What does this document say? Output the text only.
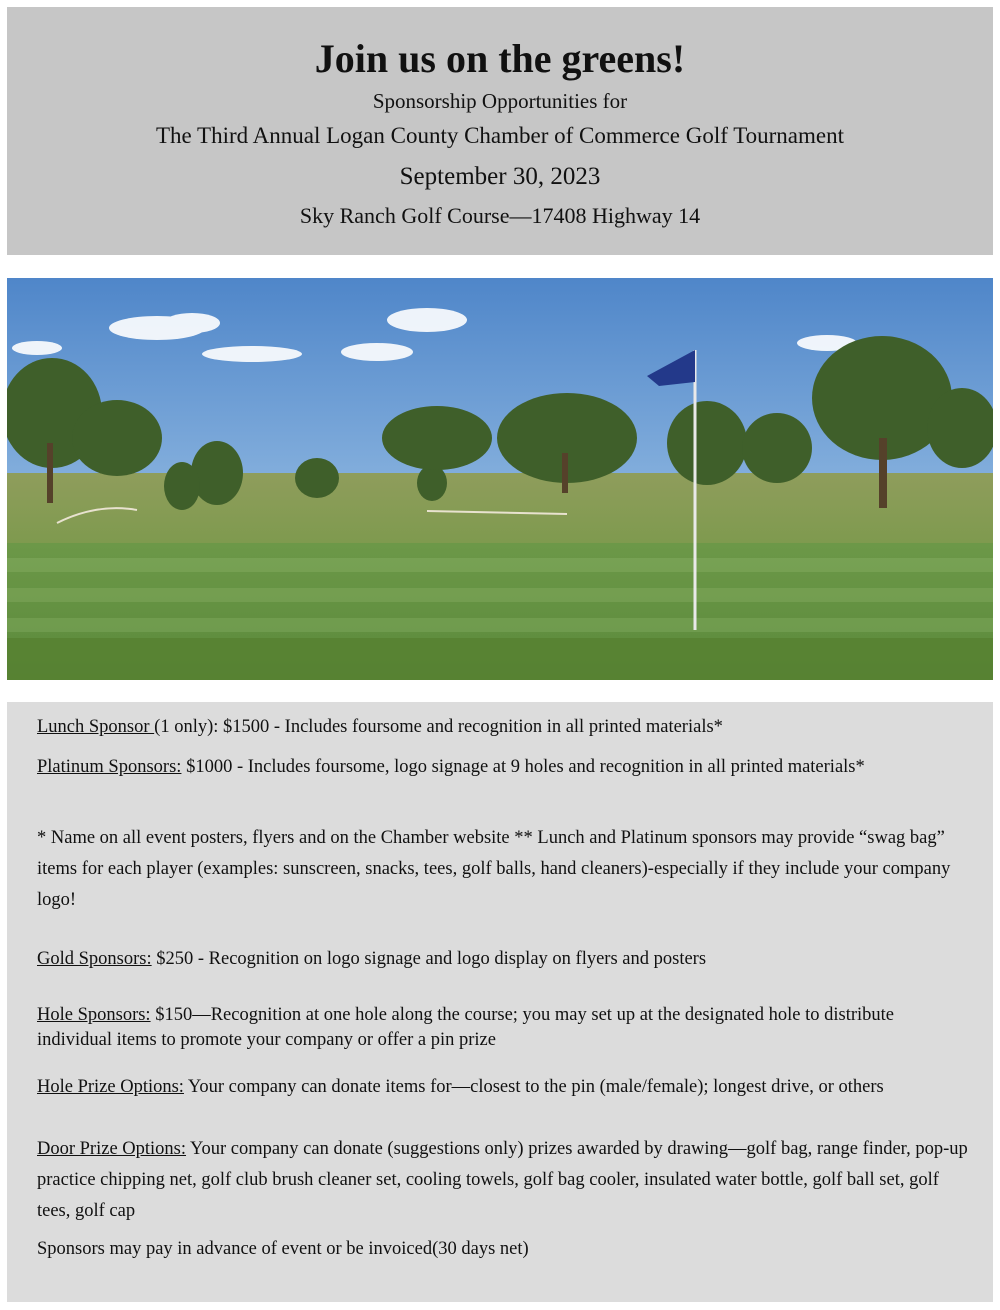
Join us on the greens!
Sponsorship Opportunities for
The Third Annual Logan County Chamber of Commerce Golf Tournament
September 30, 2023
Sky Ranch Golf Course—17408 Highway 14
Lunch Sponsor (1 only): $1500 - Includes foursome and recognition in all printed materials*
Platinum Sponsors: $1000 - Includes foursome, logo signage at 9 holes and recognition in all printed materials*
* Name on all event posters, flyers and on the Chamber website ** Lunch and Platinum sponsors may provide “swag bag” items for each player (examples: sunscreen, snacks, tees, golf balls, hand cleaners)-especially if they include your company logo!
Gold Sponsors: $250 - Recognition on logo signage and logo display on flyers and posters
Hole Sponsors: $150—Recognition at one hole along the course; you may set up at the designated hole to distribute individual items to promote your company or offer a pin prize
Hole Prize Options: Your company can donate items for—closest to the pin (male/female); longest drive, or others
Door Prize Options: Your company can donate (suggestions only) prizes awarded by drawing—golf bag, range finder, pop-up practice chipping net, golf club brush cleaner set, cooling towels, golf bag cooler, insulated water bottle, golf ball set, golf tees, golf cap
Sponsors may pay in advance of event or be invoiced(30 days net)
